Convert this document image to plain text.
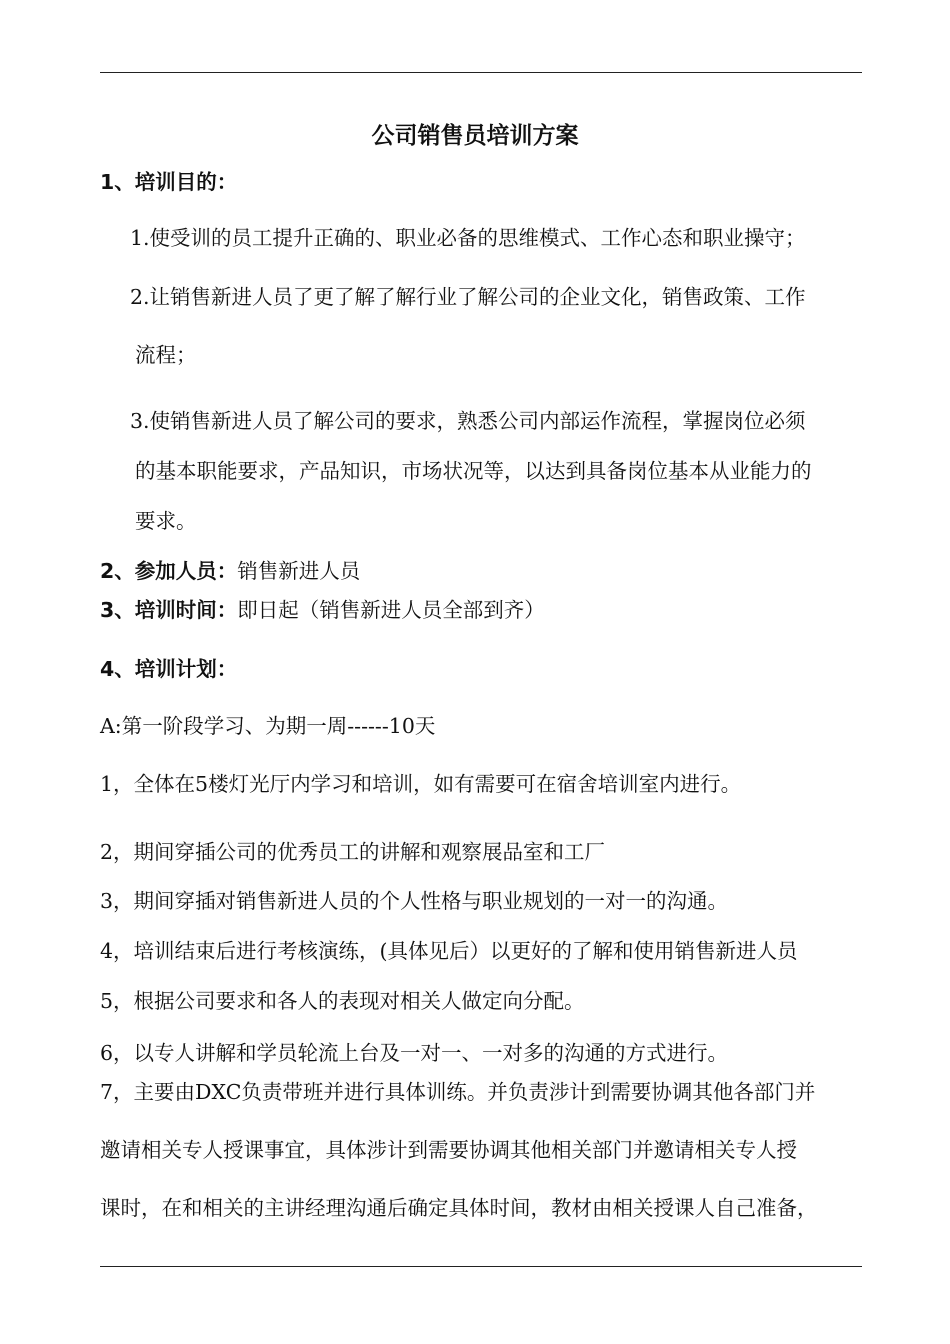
公司销售员培训方案
1、培训目的：
1.使受训的员工提升正确的、职业必备的思维模式、工作心态和职业操守；
2.让销售新进人员了更了解了解行业了解公司的企业文化，销售政策、工作
流程；
3.使销售新进人员了解公司的要求，熟悉公司内部运作流程，掌握岗位必须
的基本职能要求，产品知识，市场状况等，以达到具备岗位基本从业能力的
要求。
2、参加人员：销售新进人员
3、培训时间：即日起（销售新进人员全部到齐）
4、培训计划：
A:第一阶段学习、为期一周------10天
1，全体在5楼灯光厅内学习和培训，如有需要可在宿舍培训室内进行。
2，期间穿插公司的优秀员工的讲解和观察展品室和工厂
3，期间穿插对销售新进人员的个人性格与职业规划的一对一的沟通。
4，培训结束后进行考核演练，(具体见后）以更好的了解和使用销售新进人员
5，根据公司要求和各人的表现对相关人做定向分配。
6，以专人讲解和学员轮流上台及一对一、一对多的沟通的方式进行。
7，主要由DXC负责带班并进行具体训练。并负责涉计到需要协调其他各部门并
邀请相关专人授课事宜，具体涉计到需要协调其他相关部门并邀请相关专人授
课时，在和相关的主讲经理沟通后确定具体时间，教材由相关授课人自己准备，
